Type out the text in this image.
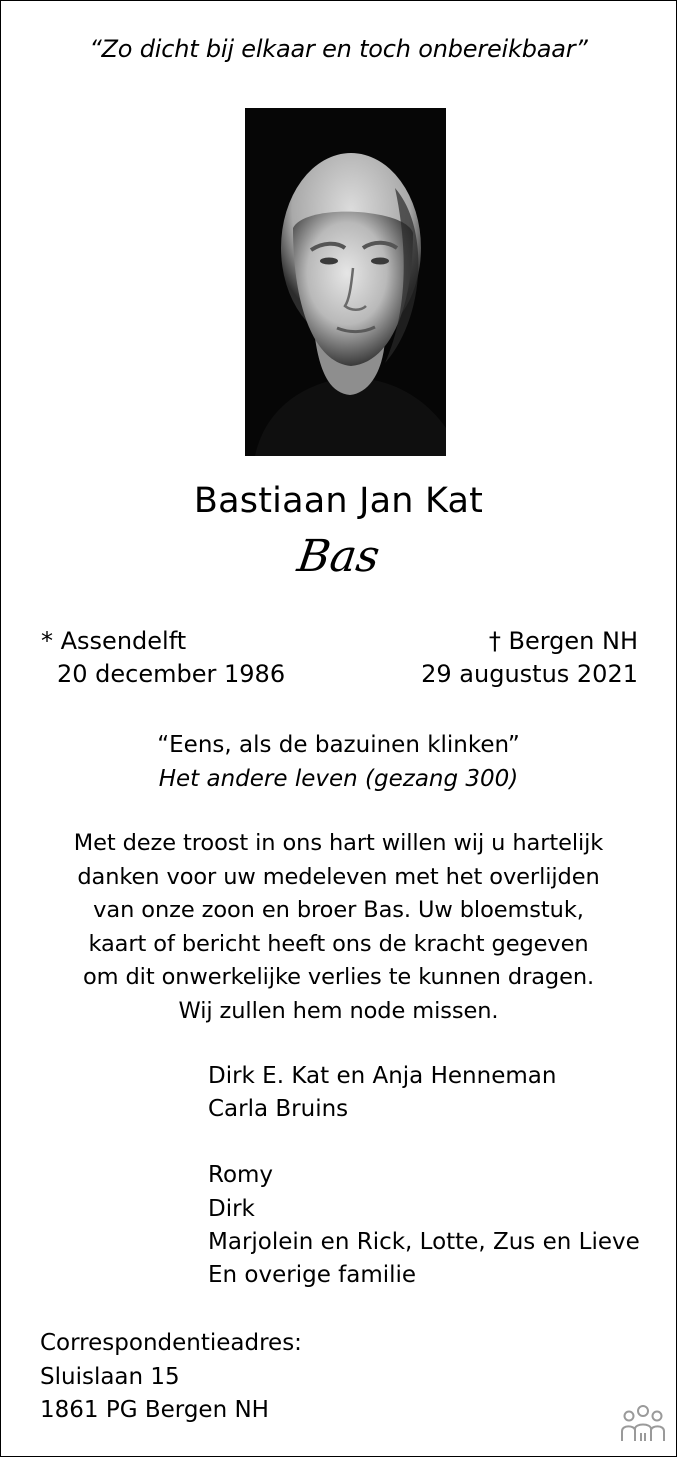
“Zo dicht bij elkaar en toch onbereikbaar”
Bastiaan Jan Kat
Bas
* Assendelft
20 december 1986
† Bergen NH
29 augustus 2021
“Eens, als de bazuinen klinken”
Het andere leven (gezang 300)
Met deze troost in ons hart willen wij u hartelijk
danken voor uw medeleven met het overlijden
van onze zoon en broer Bas. Uw bloemstuk,
kaart of bericht heeft ons de kracht gegeven
om dit onwerkelijke verlies te kunnen dragen.
Wij zullen hem node missen.
Dirk E. Kat en Anja Henneman
Carla Bruins
Romy
Dirk
Marjolein en Rick, Lotte, Zus en Lieve
En overige familie
Correspondentieadres:
Sluislaan 15
1861 PG Bergen NH
